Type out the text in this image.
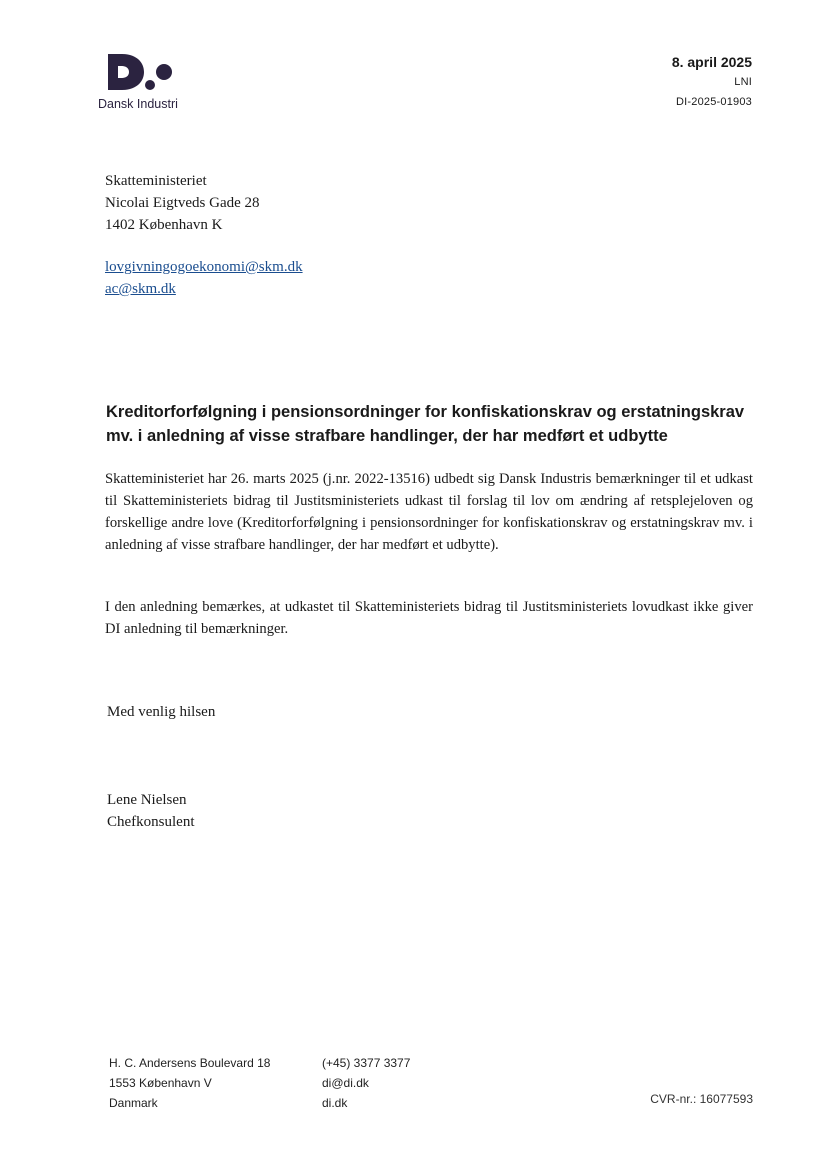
Dansk Industri
8. april 2025
LNI
DI-2025-01903
Skatteministeriet
Nicolai Eigtveds Gade 28
1402 København K
lovgivningogoekonomi@skm.dk
ac@skm.dk
Kreditorforfølgning i pensionsordninger for konfiskationskrav og erstatningskrav mv. i anledning af visse strafbare handlinger, der har medført et udbytte
Skatteministeriet har 26. marts 2025 (j.nr. 2022-13516) udbedt sig Dansk Industris bemærkninger til et udkast til Skatteministeriets bidrag til Justitsministeriets udkast til forslag til lov om ændring af retsplejeloven og forskellige andre love (Kreditorforfølgning i pensionsordninger for konfiskationskrav og erstatningskrav mv. i anledning af visse strafbare handlinger, der har medført et udbytte).
I den anledning bemærkes, at udkastet til Skatteministeriets bidrag til Justitsministeriets lovudkast ikke giver DI anledning til bemærkninger.
Med venlig hilsen
Lene Nielsen
Chefkonsulent
H. C. Andersens Boulevard 18
1553 København V
Danmark
(+45) 3377 3377
di@di.dk
di.dk	CVR-nr.: 16077593
